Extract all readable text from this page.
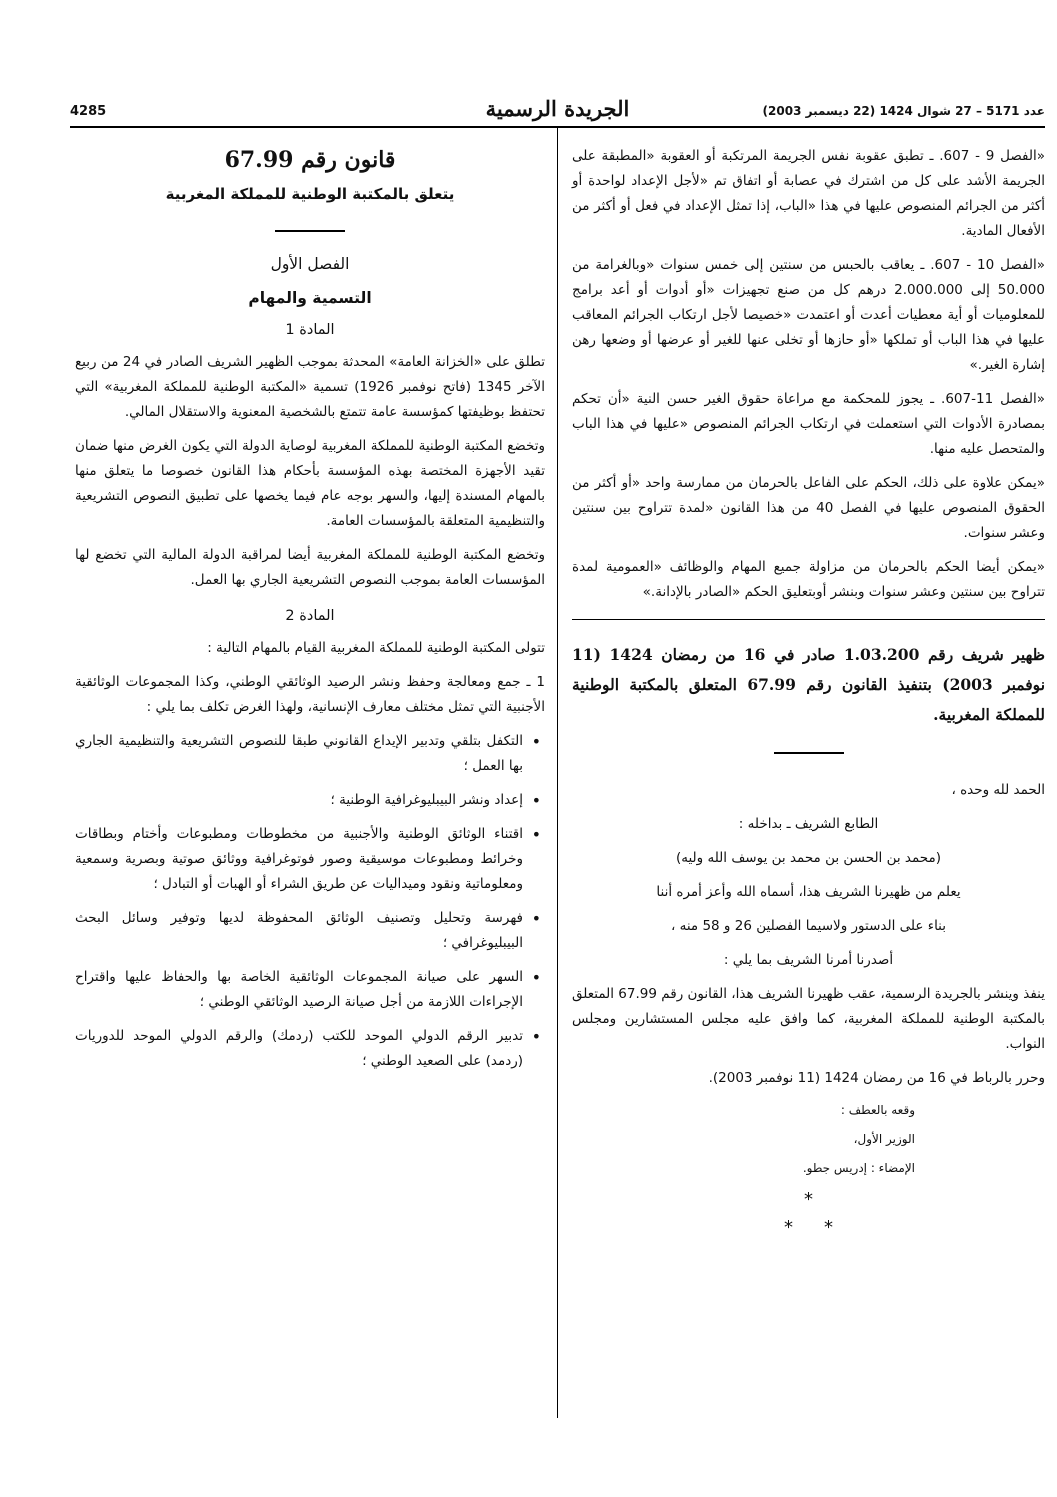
4285	الجريدة الرسمية	عدد 5171 – 27 شوال 1424 (22 ديسمبر 2003)

«الفصل 9 - 607. ـ تطبق عقوبة نفس الجريمة المرتكبة أو العقوبة «المطبقة على الجريمة الأشد على كل من اشترك في عصابة أو اتفاق تم «لأجل الإعداد لواحدة أو أكثر من الجرائم المنصوص عليها في هذا «الباب، إذا تمثل الإعداد في فعل أو أكثر من الأفعال المادية.

«الفصل 10 - 607. ـ يعاقب بالحبس من سنتين إلى خمس سنوات «وبالغرامة من 50.000 إلى 2.000.000 درهم كل من صنع تجهيزات «أو أدوات أو أعد برامج للمعلوميات أو أية معطيات أعدت أو اعتمدت «خصيصا لأجل ارتكاب الجرائم المعاقب عليها في هذا الباب أو تملكها «أو حازها أو تخلى عنها للغير أو عرضها أو وضعها رهن إشارة الغير.»

«الفصل 11-607. ـ يجوز للمحكمة مع مراعاة حقوق الغير حسن النية «أن تحكم بمصادرة الأدوات التي استعملت في ارتكاب الجرائم المنصوص «عليها في هذا الباب والمتحصل عليه منها.

«يمكن علاوة على ذلك، الحكم على الفاعل بالحرمان من ممارسة واحد «أو أكثر من الحقوق المنصوص عليها في الفصل 40 من هذا القانون «لمدة تتراوح بين سنتين وعشر سنوات.

«يمكن أيضا الحكم بالحرمان من مزاولة جميع المهام والوظائف «العمومية لمدة تتراوح بين سنتين وعشر سنوات وبنشر أوبتعليق الحكم «الصادر بالإدانة.»

ظهير شريف رقم 1.03.200 صادر في 16 من رمضان 1424 (11 نوفمبر 2003) بتنفيذ القانون رقم 67.99 المتعلق بالمكتبة الوطنية للمملكة المغربية.

الحمد لله وحده ،

الطابع الشريف ـ بداخله :

(محمد بن الحسن بن محمد بن يوسف الله وليه)

يعلم من ظهيرنا الشريف هذا، أسماه الله وأعز أمره أننا

بناء على الدستور ولاسيما الفصلين 26 و 58 منه ،

أصدرنا أمرنا الشريف بما يلي :

ينفذ وينشر بالجريدة الرسمية، عقب ظهيرنا الشريف هذا، القانون رقم 67.99 المتعلق بالمكتبة الوطنية للمملكة المغربية، كما وافق عليه مجلس المستشارين ومجلس النواب.

وحرر بالرباط في 16 من رمضان 1424 (11 نوفمبر 2003).

وقعه بالعطف :

الوزير الأول،

الإمضاء : إدريس جطو.

*
* *
قانون رقم 67.99
يتعلق بالمكتبة الوطنية للمملكة المغربية
الفصل الأول
التسمية والمهام
المادة 1

تطلق على «الخزانة العامة» المحدثة بموجب الظهير الشريف الصادر في 24 من ربيع الآخر 1345 (فاتح نوفمبر 1926) تسمية «المكتبة الوطنية للمملكة المغربية» التي تحتفظ بوظيفتها كمؤسسة عامة تتمتع بالشخصية المعنوية والاستقلال المالي.

وتخضع المكتبة الوطنية للمملكة المغربية لوصاية الدولة التي يكون الغرض منها ضمان تقيد الأجهزة المختصة بهذه المؤسسة بأحكام هذا القانون خصوصا ما يتعلق منها بالمهام المسندة إليها، والسهر بوجه عام فيما يخصها على تطبيق النصوص التشريعية والتنظيمية المتعلقة بالمؤسسات العامة.

وتخضع المكتبة الوطنية للمملكة المغربية أيضا لمراقبة الدولة المالية التي تخضع لها المؤسسات العامة بموجب النصوص التشريعية الجاري بها العمل.

المادة 2

تتولى المكتبة الوطنية للمملكة المغربية القيام بالمهام التالية :

1 ـ جمع ومعالجة وحفظ ونشر الرصيد الوثائقي الوطني، وكذا المجموعات الوثائقية الأجنبية التي تمثل مختلف معارف الإنسانية، ولهذا الغرض تكلف بما يلي :

• التكفل بتلقي وتدبير الإيداع القانوني طبقا للنصوص التشريعية والتنظيمية الجاري بها العمل ؛
• إعداد ونشر البيبليوغرافية الوطنية ؛
• اقتناء الوثائق الوطنية والأجنبية من مخطوطات ومطبوعات وأختام وبطاقات وخرائط ومطبوعات موسيقية وصور فوتوغرافية ووثائق صوتية وبصرية وسمعية ومعلوماتية ونقود وميداليات عن طريق الشراء أو الهبات أو التبادل ؛
• فهرسة وتحليل وتصنيف الوثائق المحفوظة لديها وتوفير وسائل البحث البيبليوغرافي ؛
• السهر على صيانة المجموعات الوثائقية الخاصة بها والحفاظ عليها واقتراح الإجراءات اللازمة من أجل صيانة الرصيد الوثائقي الوطني ؛
• تدبير الرقم الدولي الموحد للكتب (ردمك) والرقم الدولي الموحد للدوريات (ردمد) على الصعيد الوطني ؛
